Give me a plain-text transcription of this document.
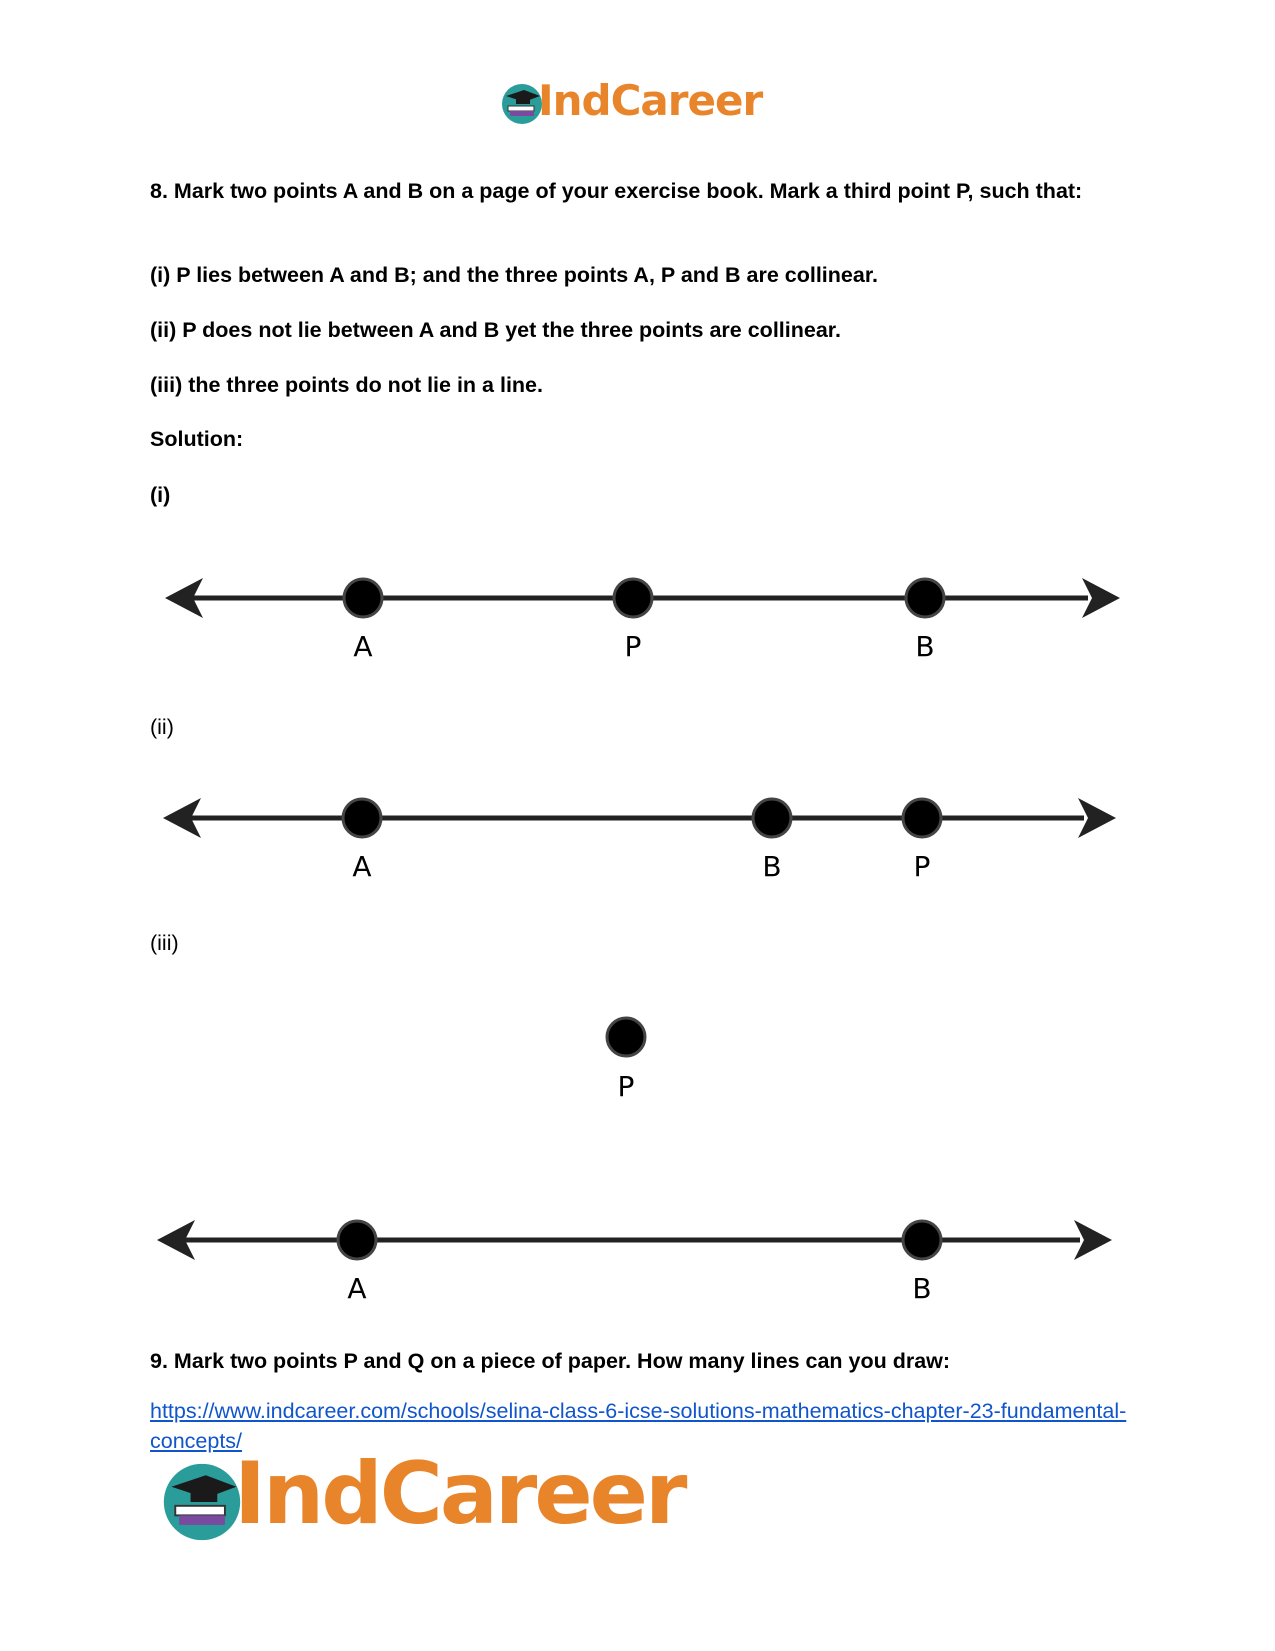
IndCareer
8. Mark two points A and B on a page of your exercise book. Mark a third point P, such that:
(i) P lies between A and B; and the three points A, P and B are collinear.
(ii) P does not lie between A and B yet the three points are collinear.
(iii) the three points do not lie in a line.
Solution:
(i)
A	P	B
(ii)
A	B	P
(iii)
P
A	B
9. Mark two points P and Q on a piece of paper. How many lines can you draw:
https://www.indcareer.com/schools/selina-class-6-icse-solutions-mathematics-chapter-23-fundamental-concepts/
IndCareer
